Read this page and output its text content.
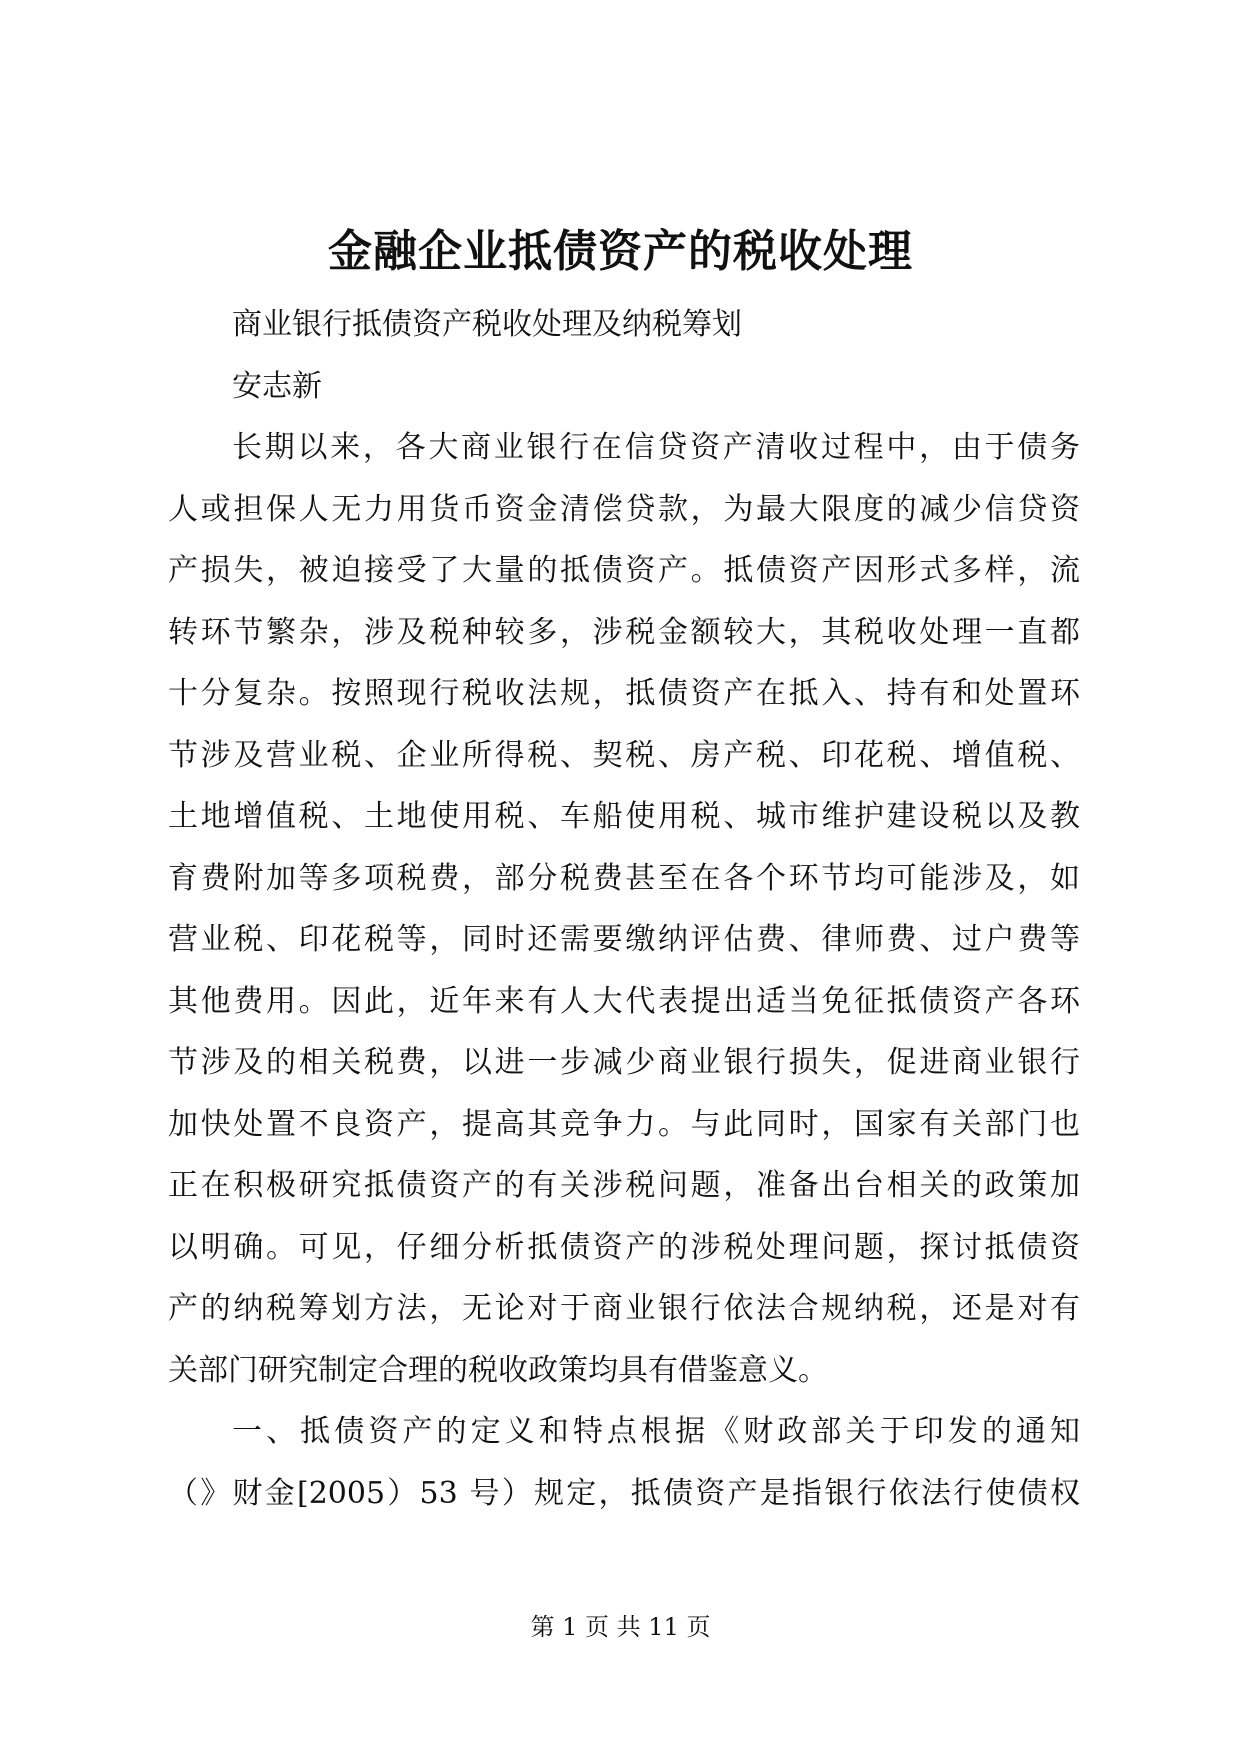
金融企业抵债资产的税收处理
商业银行抵债资产税收处理及纳税筹划
安志新
长期以来，各大商业银行在信贷资产清收过程中，由于债务
人或担保人无力用货币资金清偿贷款，为最大限度的减少信贷资
产损失，被迫接受了大量的抵债资产。抵债资产因形式多样，流
转环节繁杂，涉及税种较多，涉税金额较大，其税收处理一直都
十分复杂。按照现行税收法规，抵债资产在抵入、持有和处置环
节涉及营业税、企业所得税、契税、房产税、印花税、增值税、
土地增值税、土地使用税、车船使用税、城市维护建设税以及教
育费附加等多项税费，部分税费甚至在各个环节均可能涉及，如
营业税、印花税等，同时还需要缴纳评估费、律师费、过户费等
其他费用。因此，近年来有人大代表提出适当免征抵债资产各环
节涉及的相关税费，以进一步减少商业银行损失，促进商业银行
加快处置不良资产，提高其竞争力。与此同时，国家有关部门也
正在积极研究抵债资产的有关涉税问题，准备出台相关的政策加
以明确。可见，仔细分析抵债资产的涉税处理问题，探讨抵债资
产的纳税筹划方法，无论对于商业银行依法合规纳税，还是对有
关部门研究制定合理的税收政策均具有借鉴意义。
一、抵债资产的定义和特点根据《财政部关于印发的通知
（》财金[2005）53 号）规定，抵债资产是指银行依法行使债权
第 1 页 共 11 页
